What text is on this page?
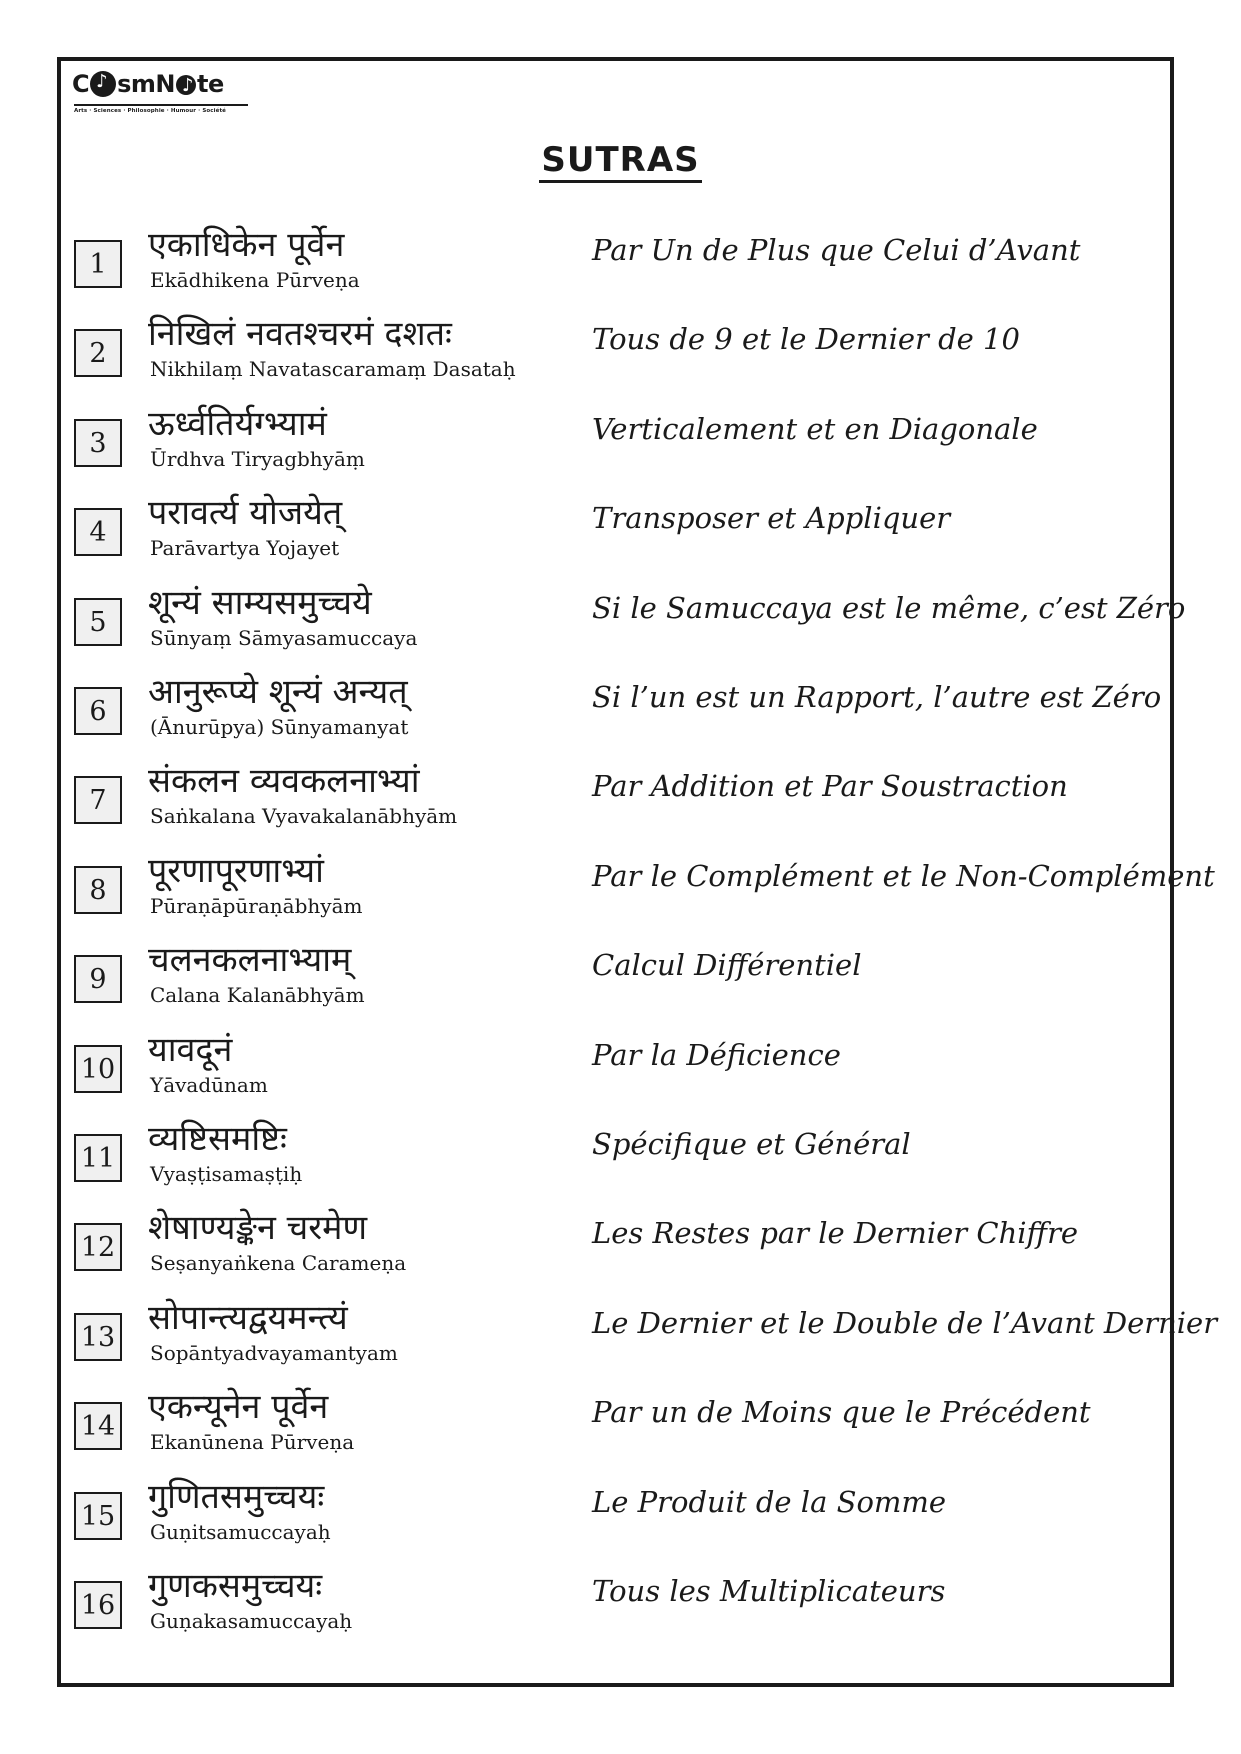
C ♪ smN ♪ te
Arts · Sciences · Philosophie · Humour · Société
SUTRAS
1	एकाधिकेन पूर्वेन
Ekādhikena Pūrveṇa
Par Un de Plus que Celui d’Avant
2	निखिलं नवतश्चरमं दशतः
Nikhilaṃ Navatascaramaṃ Dasataḥ
Tous de 9 et le Dernier de 10
3	ऊर्ध्वतिर्यग्भ्यामं
Ūrdhva Tiryagbhyāṃ
Verticalement et en Diagonale
4	परावर्त्य योजयेत्
Parāvartya Yojayet
Transposer et Appliquer
5	शून्यं साम्यसमुच्चये
Sūnyaṃ Sāmyasamuccaya
Si le Samuccaya est le même, c’est Zéro
6	आनुरूप्ये शून्यं अन्यत्
(Ānurūpya) Sūnyamanyat
Si l’un est un Rapport, l’autre est Zéro
7	संकलन व्यवकलनाभ्यां
Saṅkalana Vyavakalanābhyām
Par Addition et Par Soustraction
8	पूरणापूरणाभ्यां
Pūraṇāpūraṇābhyām
Par le Complément et le Non-Complément
9	चलनकलनाभ्याम्
Calana Kalanābhyām
Calcul Différentiel
10 यावदूनं
Yāvadūnam
Par la Déficience
11 व्यष्टिसमष्टिः
Vyaṣṭisamaṣṭiḥ
Spécifique et Général
12 शेषाण्यङ्केन चरमेण
Seṣanyaṅkena Carameṇa
Les Restes par le Dernier Chiffre
13 सोपान्त्यद्वयमन्त्यं
Sopāntyadvayamantyam
Le Dernier et le Double de l’Avant Dernier
14 एकन्यूनेन पूर्वेन
Ekanūnena Pūrveṇa
Par un de Moins que le Précédent
15 गुणितसमुच्चयः
Guṇitsamuccayaḥ
Le Produit de la Somme
16 गुणकसमुच्चयः
Guṇakasamuccayaḥ
Tous les Multiplicateurs
